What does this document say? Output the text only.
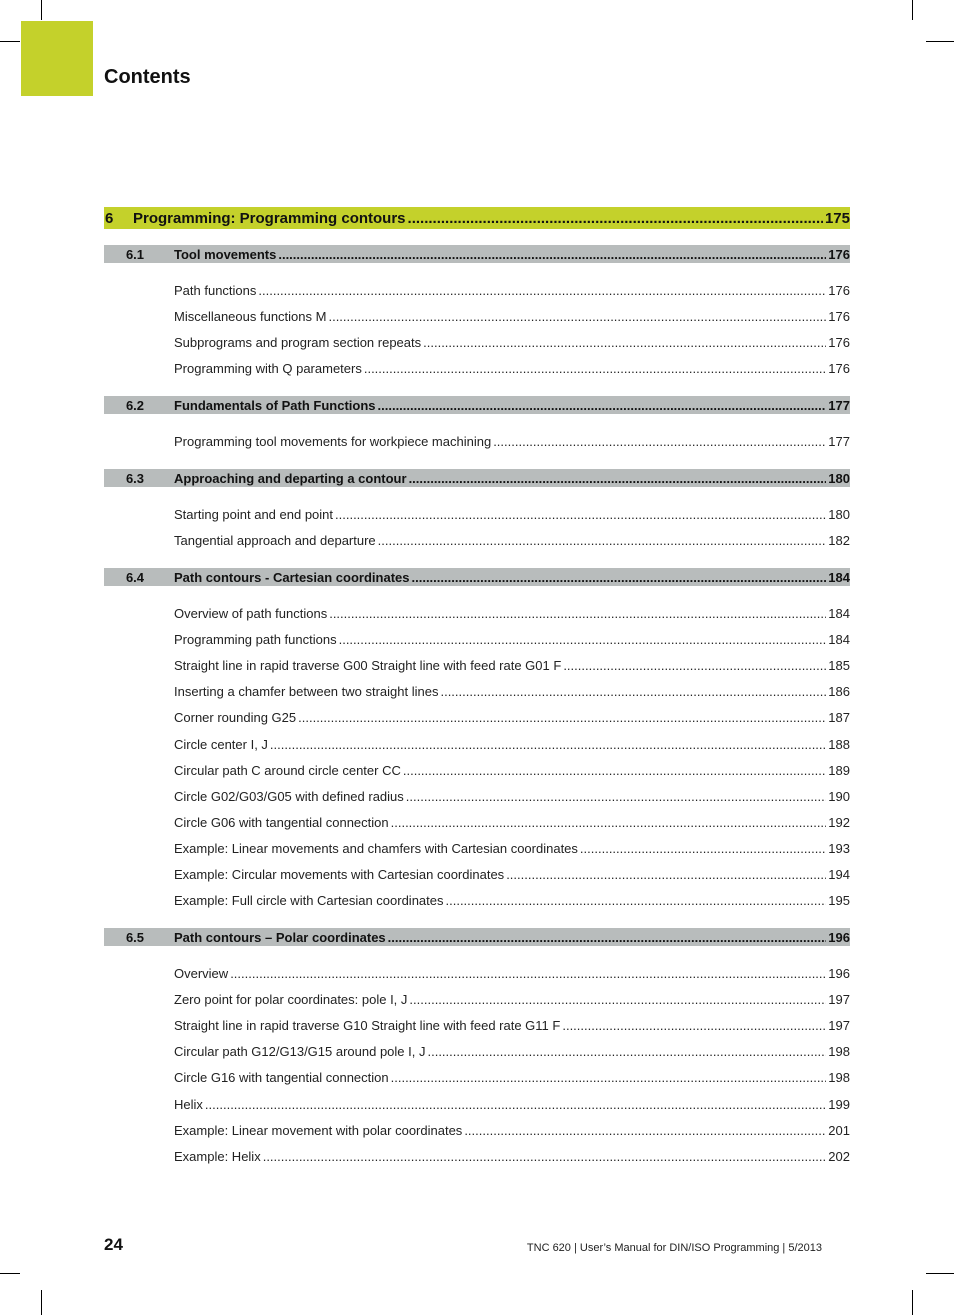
Contents
6	Programming: Programming contours .....	175
6.1	Tool movements .....	176
Path functions .....	176
Miscellaneous functions M .....	176
Subprograms and program section repeats .....	176
Programming with Q parameters .....	176
6.2	Fundamentals of Path Functions .....	177
Programming tool movements for workpiece machining .....	177
6.3	Approaching and departing a contour .....	180
Starting point and end point .....	180
Tangential approach and departure .....	182
6.4	Path contours - Cartesian coordinates .....	184
Overview of path functions .....	184
Programming path functions .....	184
Straight line in rapid traverse G00 Straight line with feed rate G01 F .....	185
Inserting a chamfer between two straight lines .....	186
Corner rounding G25 .....	187
Circle center I, J .....	188
Circular path C around circle center CC .....	189
Circle G02/G03/G05 with defined radius .....	190
Circle G06 with tangential connection .....	192
Example: Linear movements and chamfers with Cartesian coordinates .....	193
Example: Circular movements with Cartesian coordinates .....	194
Example: Full circle with Cartesian coordinates .....	195
6.5	Path contours – Polar coordinates .....	196
Overview .....	196
Zero point for polar coordinates: pole I, J .....	197
Straight line in rapid traverse G10 Straight line with feed rate G11 F .....	197
Circular path G12/G13/G15 around pole I, J .....	198
Circle G16 with tangential connection .....	198
Helix .....	199
Example: Linear movement with polar coordinates .....	201
Example: Helix .....	202
24	TNC 620 | User’s Manual for DIN/ISO Programming | 5/2013
